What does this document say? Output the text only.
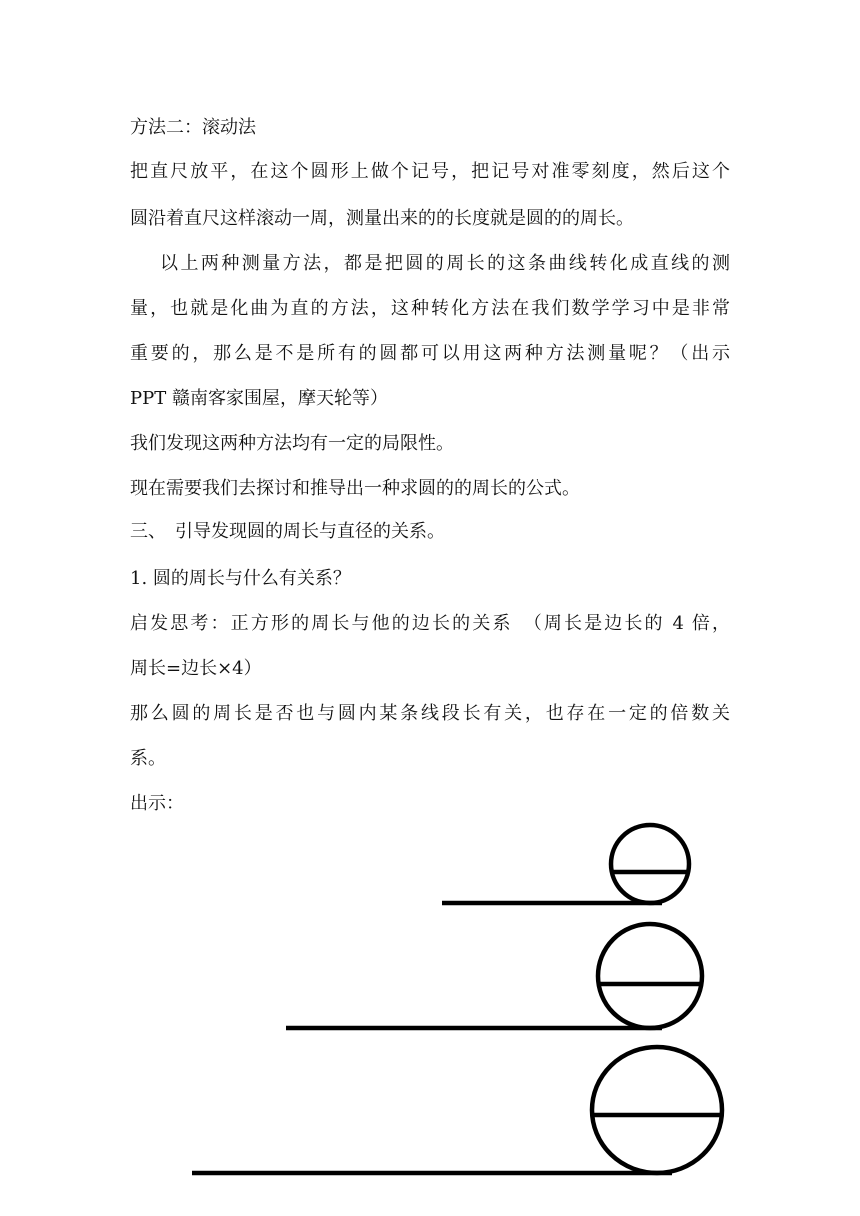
方法二：滚动法
把直尺放平，在这个圆形上做个记号，把记号对准零刻度，然后这个
圆沿着直尺这样滚动一周，测量出来的的长度就是圆的的周长。
以上两种测量方法，都是把圆的周长的这条曲线转化成直线的测
量，也就是化曲为直的方法，这种转化方法在我们数学学习中是非常
重要的，那么是不是所有的圆都可以用这两种方法测量呢？（出示
PPT 赣南客家围屋，摩天轮等）
我们发现这两种方法均有一定的局限性。
现在需要我们去探讨和推导出一种求圆的的周长的公式。
三、　引导发现圆的周长与直径的关系。
1. 圆的周长与什么有关系？
启发思考：正方形的周长与他的边长的关系　（周长是边长的 4 倍，
周长=边长×4）
那么圆的周长是否也与圆内某条线段长有关，也存在一定的倍数关
系。
出示：
